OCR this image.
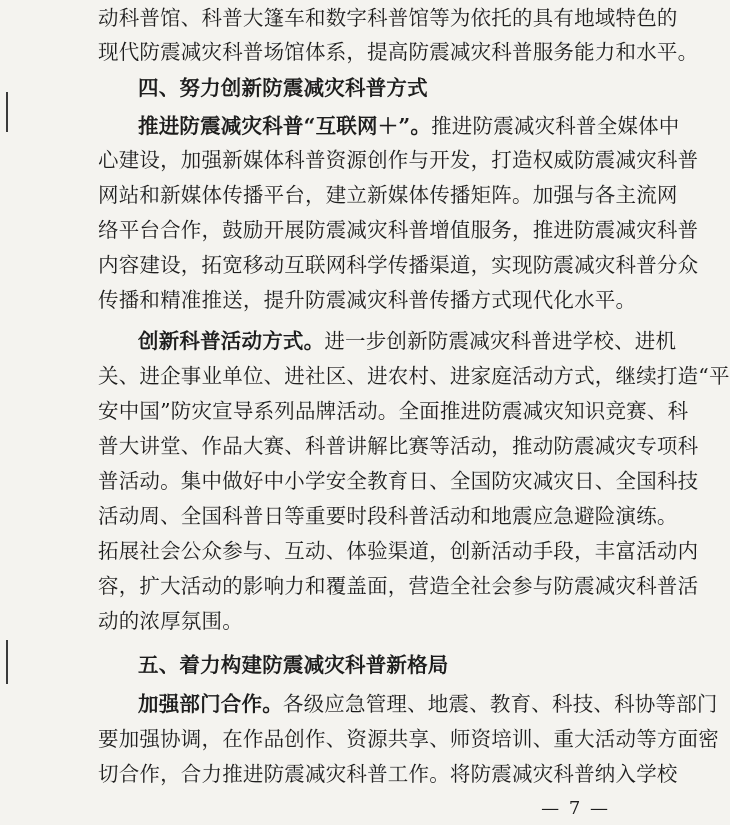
动科普馆、科普大篷车和数字科普馆等为依托的具有地域特色的
现代防震减灾科普场馆体系，提高防震减灾科普服务能力和水平。
四、努力创新防震减灾科普方式
推进防震减灾科普“互联网＋”。推进防震减灾科普全媒体中
心建设，加强新媒体科普资源创作与开发，打造权威防震减灾科普
网站和新媒体传播平台，建立新媒体传播矩阵。加强与各主流网
络平台合作，鼓励开展防震减灾科普增值服务，推进防震减灾科普
内容建设，拓宽移动互联网科学传播渠道，实现防震减灾科普分众
传播和精准推送，提升防震减灾科普传播方式现代化水平。
创新科普活动方式。进一步创新防震减灾科普进学校、进机
关、进企事业单位、进社区、进农村、进家庭活动方式，继续打造“平
安中国”防灾宣导系列品牌活动。全面推进防震减灾知识竞赛、科
普大讲堂、作品大赛、科普讲解比赛等活动，推动防震减灾专项科
普活动。集中做好中小学安全教育日、全国防灾减灾日、全国科技
活动周、全国科普日等重要时段科普活动和地震应急避险演练。
拓展社会公众参与、互动、体验渠道，创新活动手段，丰富活动内
容，扩大活动的影响力和覆盖面，营造全社会参与防震减灾科普活
动的浓厚氛围。
五、着力构建防震减灾科普新格局
加强部门合作。各级应急管理、地震、教育、科技、科协等部门
要加强协调，在作品创作、资源共享、师资培训、重大活动等方面密
切合作，合力推进防震减灾科普工作。将防震减灾科普纳入学校
— 7 —
